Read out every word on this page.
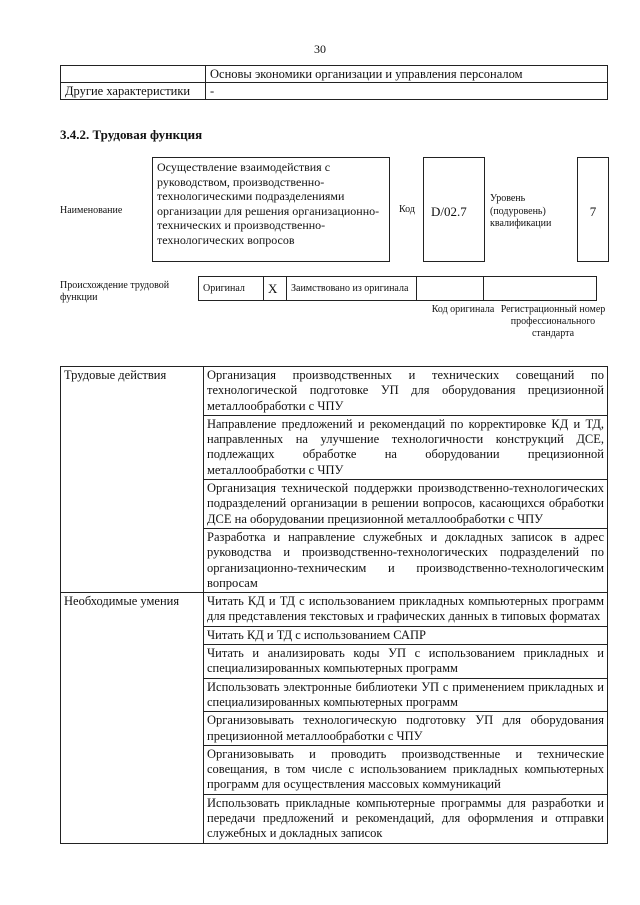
30
	Основы экономики организации и управления персоналом
Другие характеристики	-
3.4.2. Трудовая функция
Наименование
Осуществление взаимодействия с руководством, производственно-технологическими подразделениями организации для решения организационно-технических и производственно-технологических вопросов
Код	D/02.7
Уровень (подуровень) квалификации
7
Происхождение трудовой функции
Оригинал	X	Заимствовано из оригинала		
Код оригинала Регистрационный номер профессионального стандарта
Трудовые действия	Организация производственных и технических совещаний по технологической подготовке УП для оборудования прецизионной металлообработки с ЧПУ
	Направление предложений и рекомендаций по корректировке КД и ТД, направленных на улучшение технологичности конструкций ДСЕ, подлежащих обработке на оборудовании прецизионной металлообработки с ЧПУ
	Организация технической поддержки производственно-технологических подразделений организации в решении вопросов, касающихся обработки ДСЕ на оборудовании прецизионной металлообработки с ЧПУ
	Разработка и направление служебных и докладных записок в адрес руководства и производственно-технологических подразделений по организационно-техническим и производственно-технологическим вопросам
Необходимые умения	Читать КД и ТД с использованием прикладных компьютерных программ для представления текстовых и графических данных в типовых форматах
	Читать КД и ТД с использованием САПР
	Читать и анализировать коды УП с использованием прикладных и специализированных компьютерных программ
	Использовать электронные библиотеки УП с применением прикладных и специализированных компьютерных программ
	Организовывать технологическую подготовку УП для оборудования прецизионной металлообработки с ЧПУ
	Организовывать и проводить производственные и технические совещания, в том числе с использованием прикладных компьютерных программ для осуществления массовых коммуникаций
	Использовать прикладные компьютерные программы для разработки и передачи предложений и рекомендаций, для оформления и отправки служебных и докладных записок
